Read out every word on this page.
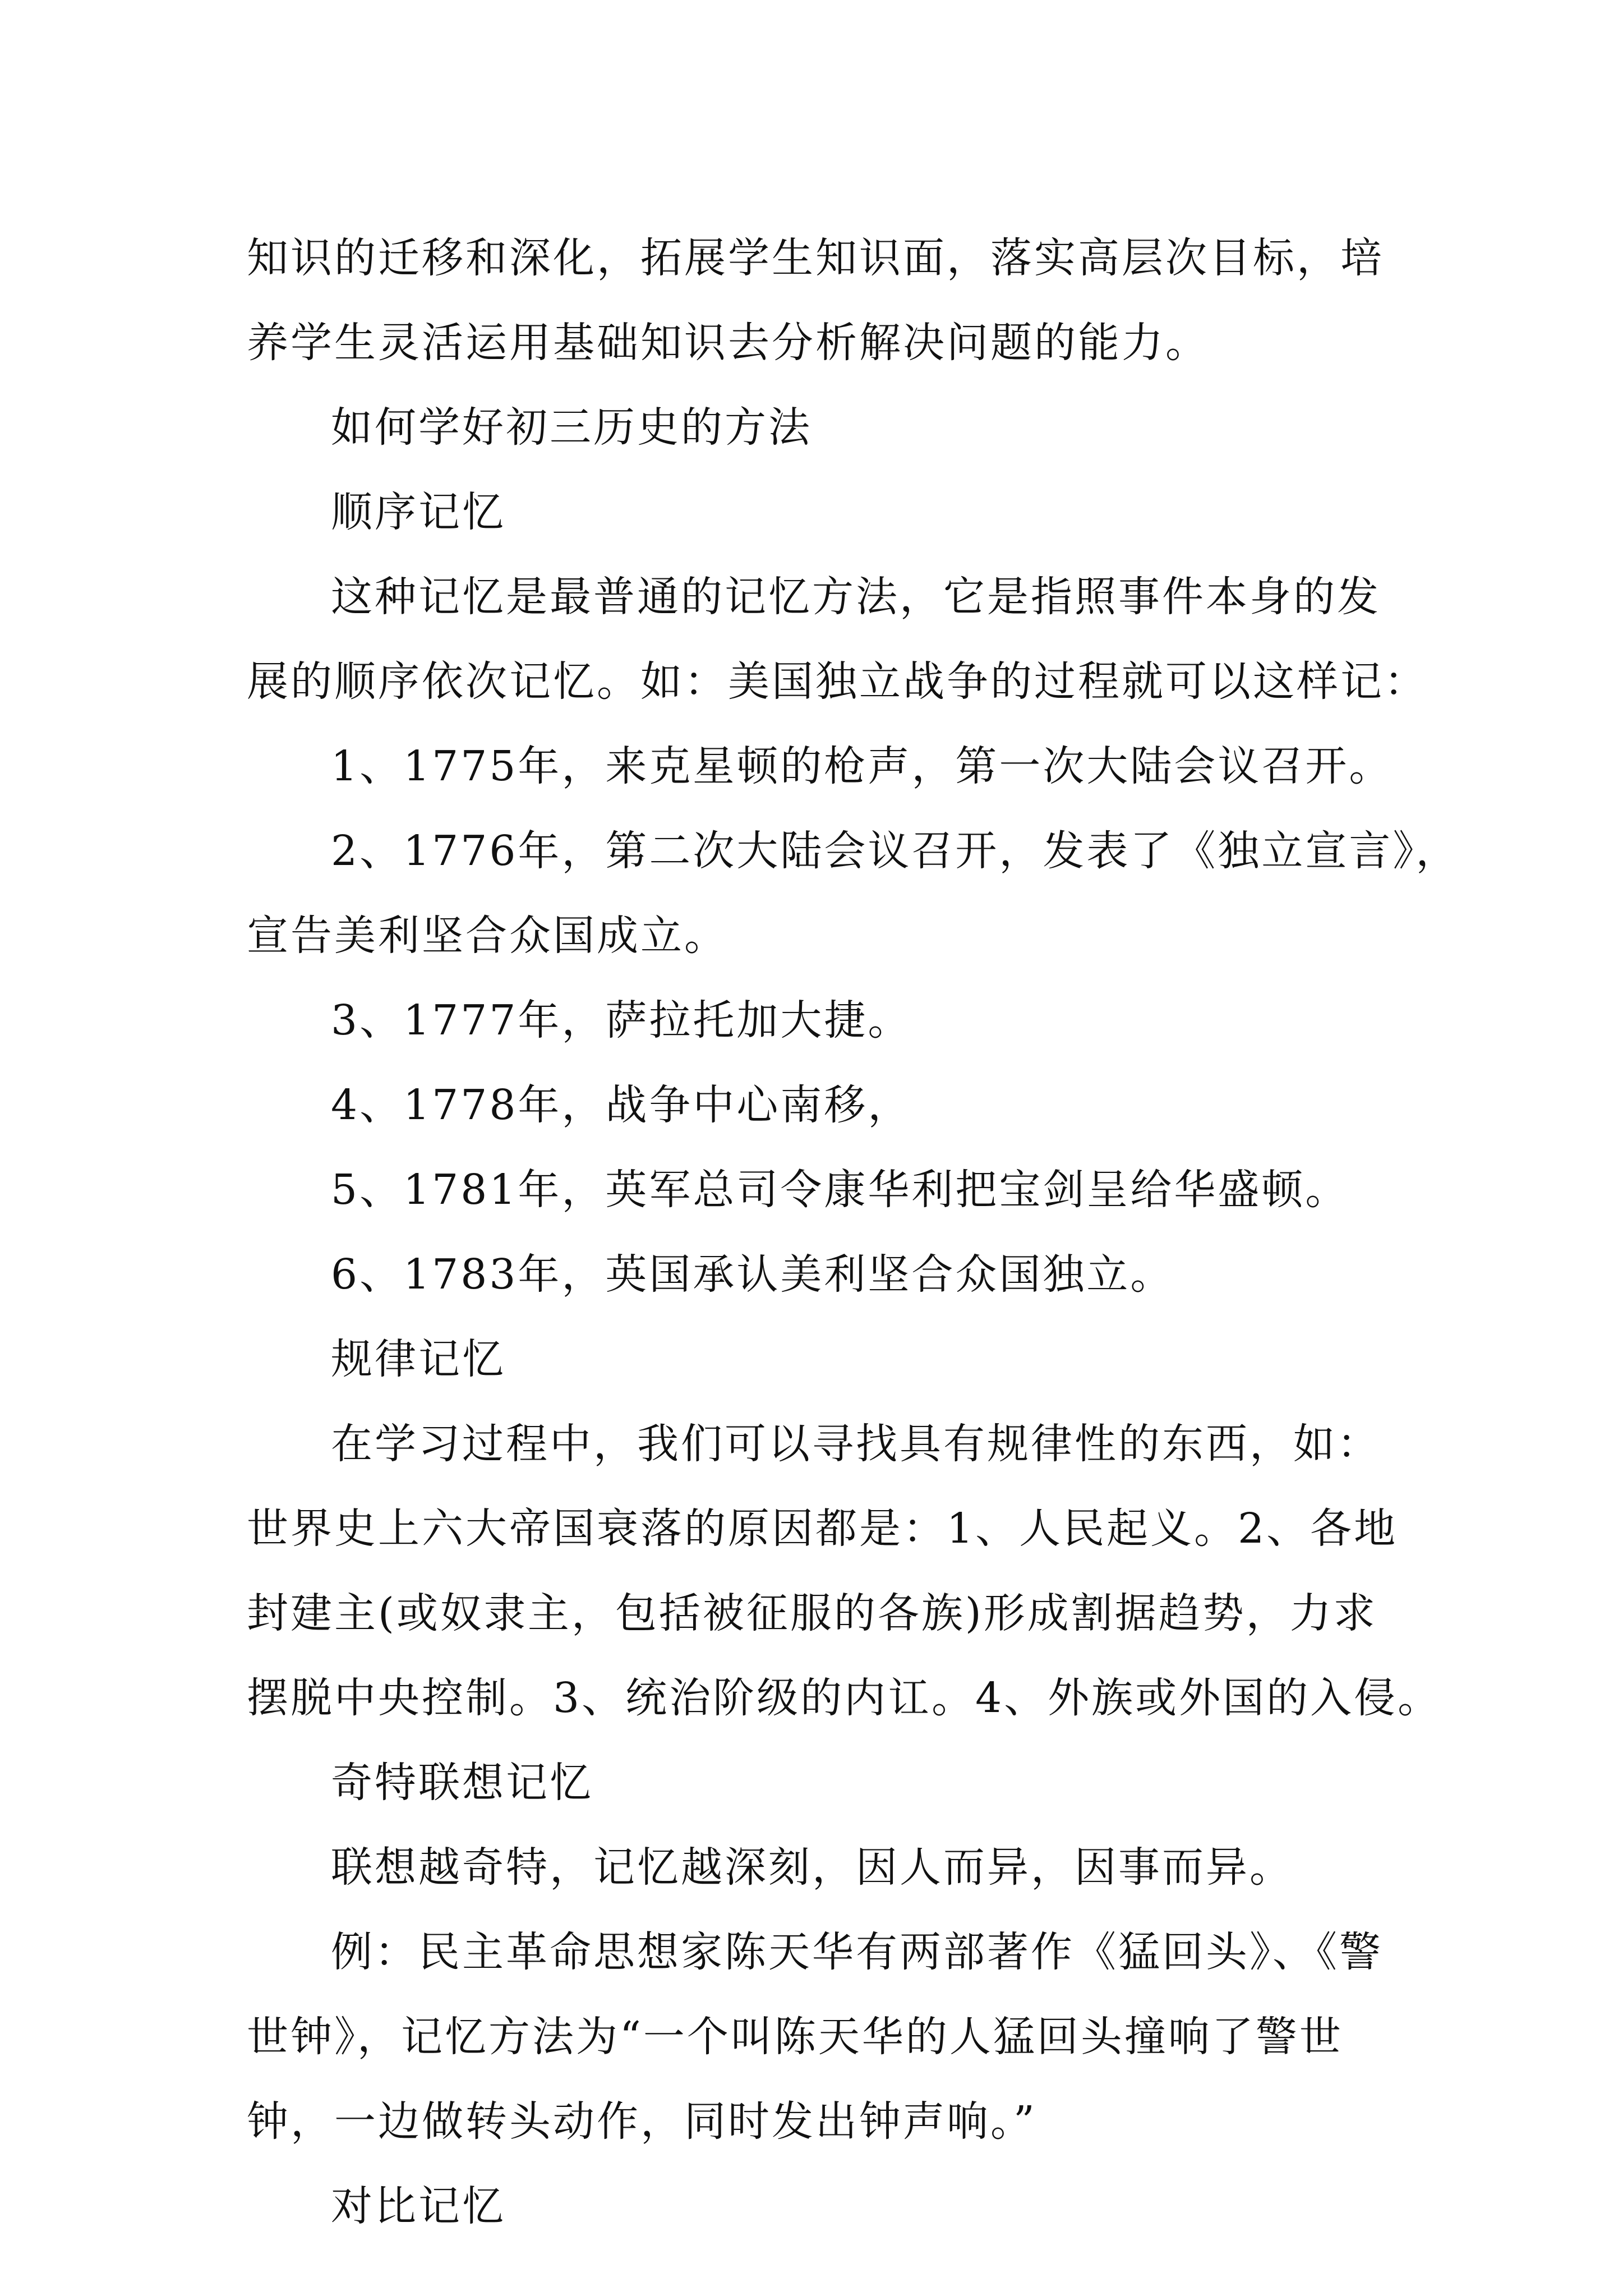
知识的迁移和深化，拓展学生知识面，落实高层次目标，培
养学生灵活运用基础知识去分析解决问题的能力。
如何学好初三历史的方法
顺序记忆
这种记忆是最普通的记忆方法，它是指照事件本身的发
展的顺序依次记忆。如：美国独立战争的过程就可以这样记：
1、1775年，来克星顿的枪声，第一次大陆会议召开。
2、1776年，第二次大陆会议召开，发表了《独立宣言》，
宣告美利坚合众国成立。
3、1777年，萨拉托加大捷。
4、1778年，战争中心南移，
5、1781年，英军总司令康华利把宝剑呈给华盛顿。
6、1783年，英国承认美利坚合众国独立。
规律记忆
在学习过程中，我们可以寻找具有规律性的东西，如：
世界史上六大帝国衰落的原因都是：1、人民起义。2、各地
封建主(或奴隶主，包括被征服的各族)形成割据趋势，力求
摆脱中央控制。3、统治阶级的内讧。4、外族或外国的入侵。
奇特联想记忆
联想越奇特，记忆越深刻，因人而异，因事而异。
例：民主革命思想家陈天华有两部著作《猛回头》、《警
世钟》，记忆方法为“一个叫陈天华的人猛回头撞响了警世
钟，一边做转头动作，同时发出钟声响。”
对比记忆
